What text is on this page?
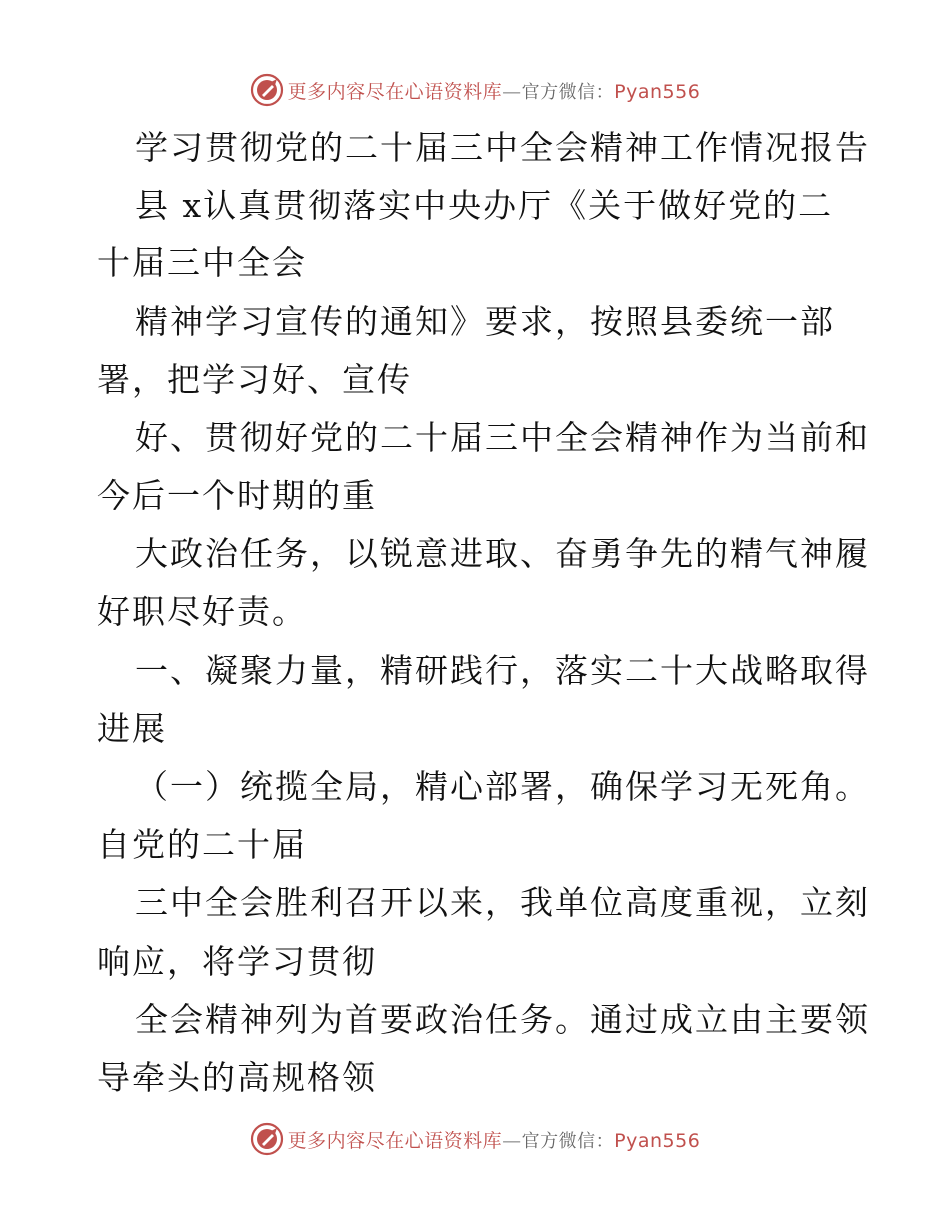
更多内容尽在心语资料库—官方微信：Pyan556
学习贯彻党的二十届三中全会精神工作情况报告
县 x认真贯彻落实中央办厅《关于做好党的二
十届三中全会
精神学习宣传的通知》要求，按照县委统一部
署，把学习好、宣传
好、贯彻好党的二十届三中全会精神作为当前和
今后一个时期的重
大政治任务，以锐意进取、奋勇争先的精气神履
好职尽好责。
一、凝聚力量，精研践行，落实二十大战略取得
进展
（一）统揽全局，精心部署，确保学习无死角。
自党的二十届
三中全会胜利召开以来，我单位高度重视，立刻
响应，将学习贯彻
全会精神列为首要政治任务。通过成立由主要领
导牵头的高规格领
更多内容尽在心语资料库—官方微信：Pyan556
